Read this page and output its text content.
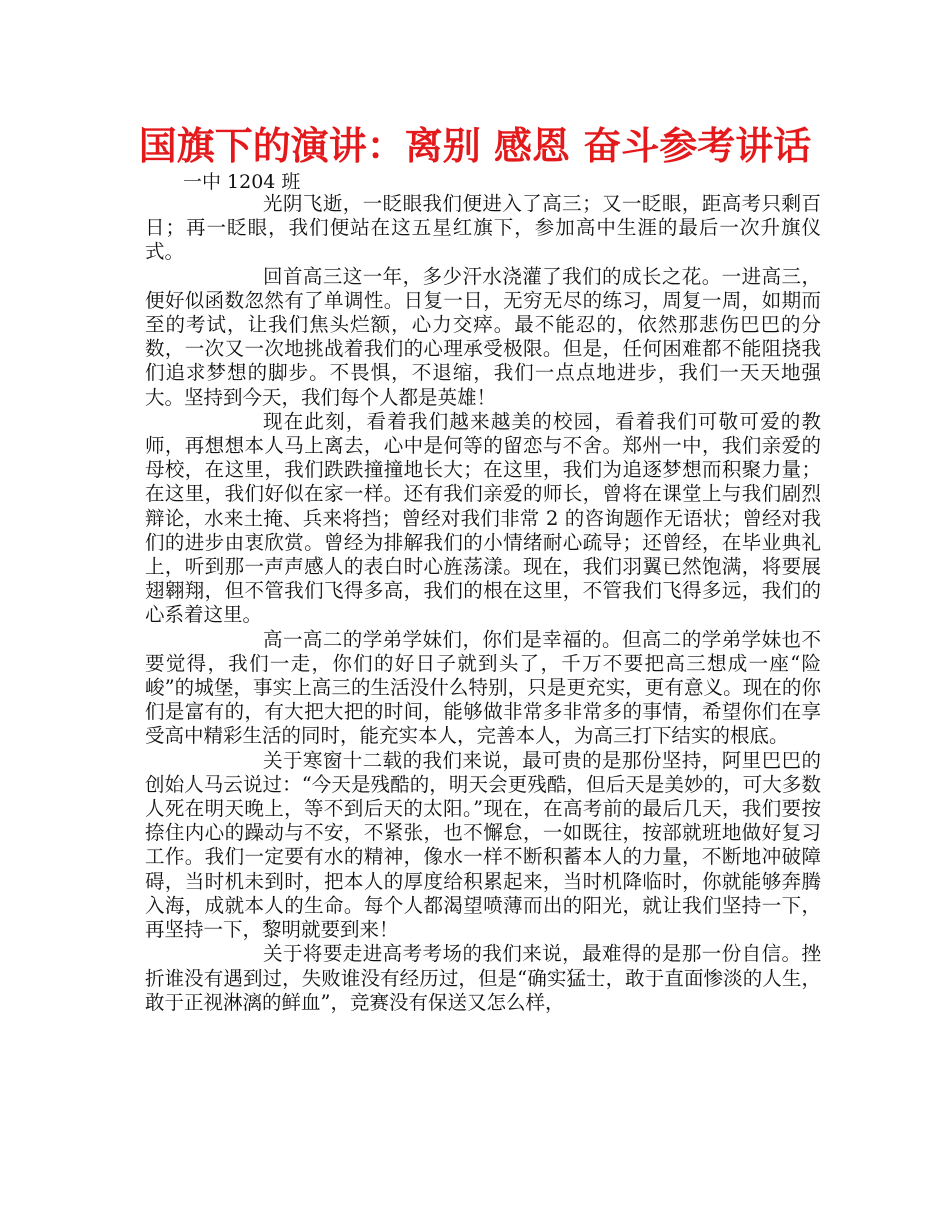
国旗下的演讲：离别 感恩 奋斗参考讲话
一中 1204 班

光阴飞逝，一眨眼我们便进入了高三；又一眨眼，距高考只剩百日；再一眨眼，我们便站在这五星红旗下，参加高中生涯的最后一次升旗仪式。

回首高三这一年，多少汗水浇灌了我们的成长之花。一进高三，便好似函数忽然有了单调性。日复一日，无穷无尽的练习，周复一周，如期而至的考试，让我们焦头烂额，心力交瘁。最不能忍的，依然那悲伤巴巴的分数，一次又一次地挑战着我们的心理承受极限。但是，任何困难都不能阻挠我们追求梦想的脚步。不畏惧，不退缩，我们一点点地进步，我们一天天地强大。坚持到今天，我们每个人都是英雄！

现在此刻，看着我们越来越美的校园，看着我们可敬可爱的教师，再想想本人马上离去，心中是何等的留恋与不舍。郑州一中，我们亲爱的母校，在这里，我们跌跌撞撞地长大；在这里，我们为追逐梦想而积聚力量；在这里，我们好似在家一样。还有我们亲爱的师长，曾将在课堂上与我们剧烈辩论，水来土掩、兵来将挡；曾经对我们非常 2 的咨询题作无语状；曾经对我们的进步由衷欣赏。曾经为排解我们的小情绪耐心疏导；还曾经，在毕业典礼上，听到那一声声感人的表白时心旌荡漾。现在，我们羽翼已然饱满，将要展翅翱翔，但不管我们飞得多高，我们的根在这里，不管我们飞得多远，我们的心系着这里。

高一高二的学弟学妹们，你们是幸福的。但高二的学弟学妹也不要觉得，我们一走，你们的好日子就到头了，千万不要把高三想成一座“险峻”的城堡，事实上高三的生活没什么特别，只是更充实，更有意义。现在的你们是富有的，有大把大把的时间，能够做非常多非常多的事情，希望你们在享受高中精彩生活的同时，能充实本人，完善本人，为高三打下结实的根底。

关于寒窗十二载的我们来说，最可贵的是那份坚持，阿里巴巴的创始人马云说过：“今天是残酷的，明天会更残酷，但后天是美妙的，可大多数人死在明天晚上，等不到后天的太阳。”现在，在高考前的最后几天，我们要按捺住内心的躁动与不安，不紧张，也不懈怠，一如既往，按部就班地做好复习工作。我们一定要有水的精神，像水一样不断积蓄本人的力量，不断地冲破障碍，当时机未到时，把本人的厚度给积累起来，当时机降临时，你就能够奔腾入海，成就本人的生命。每个人都渴望喷薄而出的阳光，就让我们坚持一下，再坚持一下，黎明就要到来！

关于将要走进高考考场的我们来说，最难得的是那一份自信。挫折谁没有遇到过，失败谁没有经历过，但是“确实猛士，敢于直面惨淡的人生，敢于正视淋漓的鲜血”，竞赛没有保送又怎么样，
